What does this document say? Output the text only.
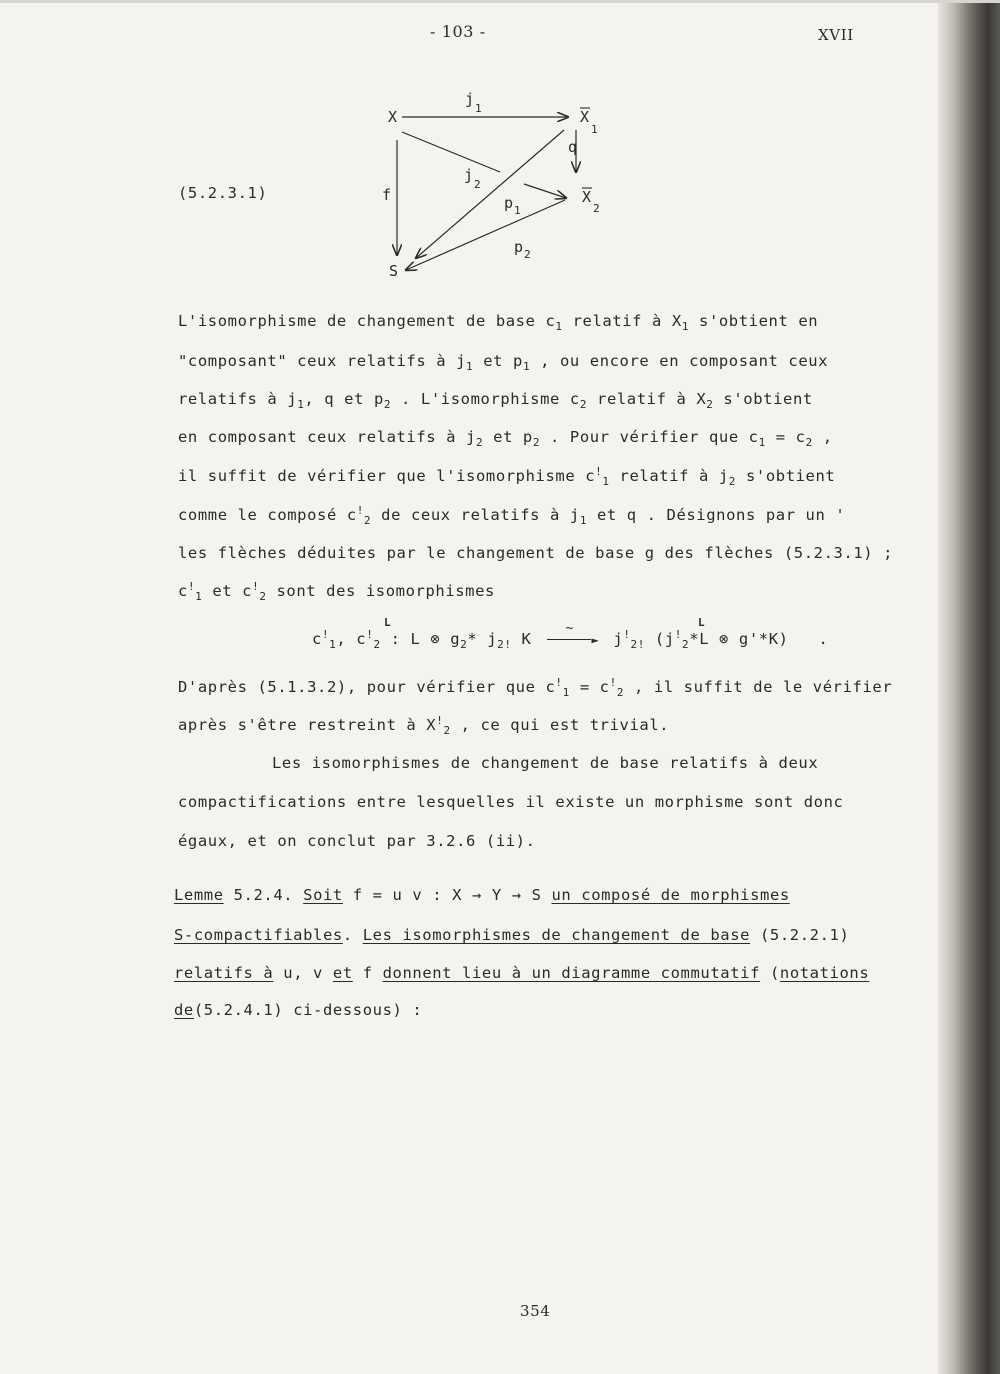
- 103 -	XVII
(5.2.3.1)
X	X
1
X
2
S
j
1
q
j
2
f	p 1
p 2
L'isomorphisme de changement de base $c_1$ relatif à $X_1$ s'obtient en
"composant" ceux relatifs à $j_1$ et $p_1$ , ou encore en composant ceux
relatifs à $j_1$, q et $p_2$ . L'isomorphisme $c_2$ relatif à $X_2$ s'obtient
en composant ceux relatifs à $j_2$ et $p_2$ . Pour vérifier que $c_1 = c_2$ ,
il suffit de vérifier que l'isomorphisme $c^!_1$ relatif à $j_2$ s'obtient
comme le composé $c^!_2$ de ceux relatifs à $j_1$ et q . Désignons par un '
les flèches déduites par le changement de base g des flèches (5.2.3.1) ;
$c^!_1$ et $c^!_2$ sont des isomorphismes
$c^!_1$, $c^!_2$ : L ⊗ $g_2*$ $j_{2!}$ K
~
► $j^!_{2!}$ ($j^!_2*L$ ⊗ g'*K) .
L	L
D'après (5.1.3.2), pour vérifier que $c^!_1 = c^!_2$ , il suffit de le vérifier
après s'être restreint à $X^!_2$ , ce qui est trivial.
Les isomorphismes de changement de base relatifs à deux
compactifications entre lesquelles il existe un morphisme sont donc
égaux, et on conclut par 3.2.6 (ii).
Lemme 5.2.4. Soit f = u v : X → Y → S un composé de morphismes
S-compactifiables. Les isomorphismes de changement de base (5.2.2.1)
relatifs à u, v et f donnent lieu à un diagramme commutatif (notations
de(5.2.4.1) ci-dessous) :
354
